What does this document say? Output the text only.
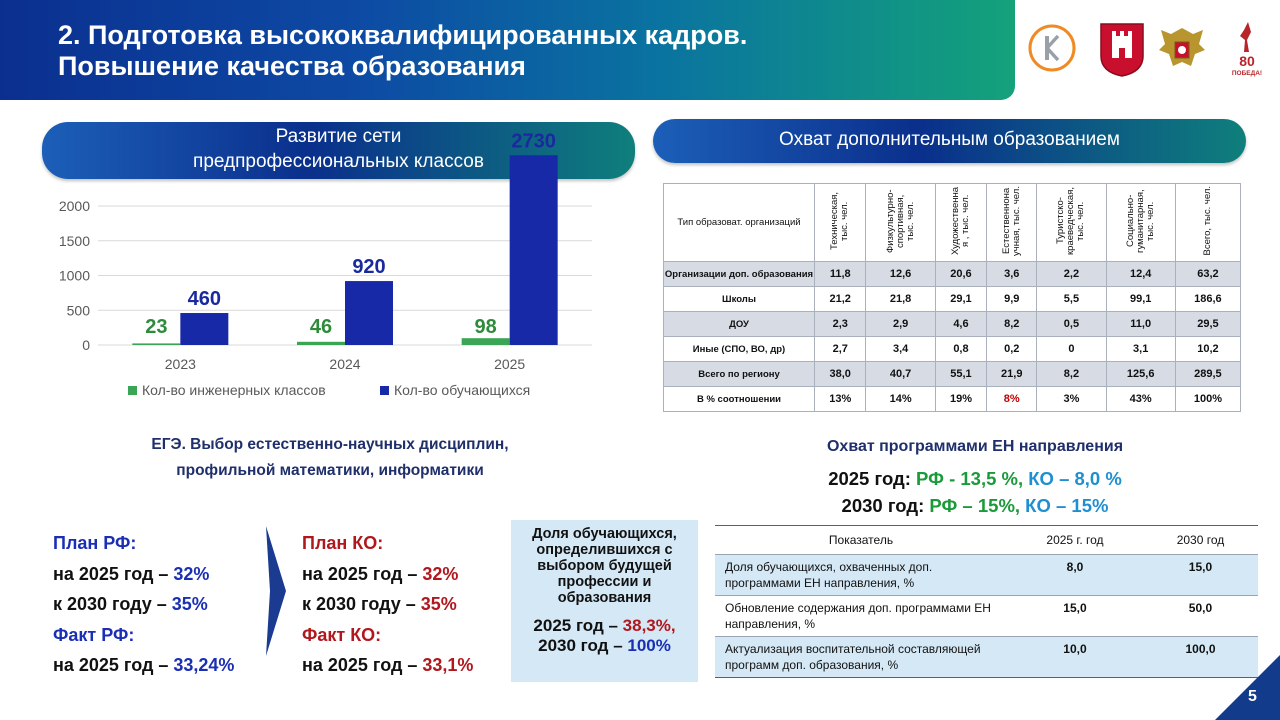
2. Подготовка высококвалифицированных кадров.
Повышение качества образования	80
ПОБЕДА!
Развитие сети
предпрофессиональных классов
Охват дополнительным образованием
0
500
1000
1500
2000
2023
23
460
2024
46
920
2025
98
2730
Кол-во инженерных классов	Кол-во обучающихся
Тип образоват. организаций	Техническая, тыс. чел.	Физкультурно-спортивная, тыс. чел.	Художественна я , тыс. чел.	Естественнона учная, тыс. чел.	Туристско-краеведческая, тыс. чел.	Социально-гуманитарная, тыс. чел.	Всего, тыс. чел.
Организации доп. образования	11,8	12,6	20,6	3,6	2,2	12,4	63,2
Школы	21,2	21,8	29,1	9,9	5,5	99,1	186,6
ДОУ	2,3	2,9	4,6	8,2	0,5	11,0	29,5
Иные (СПО, ВО, др)	2,7	3,4	0,8	0,2	0	3,1	10,2
Всего по региону	38,0	40,7	55,1	21,9	8,2	125,6	289,5
В % соотношении	13%	14%	19%	8%	3%	43%	100%
ЕГЭ. Выбор естественно-научных дисциплин,
профильной математики, информатики
План РФ:
на 2025 год – 32%
к 2030 году – 35%
Факт РФ:
на 2025 год – 33,24%
План КО:
на 2025 год – 32%
к 2030 году – 35%
Факт КО:
на 2025 год – 33,1%
Доля обучающихся, определившихся с выбором будущей профессии и образования
2025 год – 38,3%,
2030 год – 100%
Охват программами ЕН направления
2025 год: РФ - 13,5 %, КО – 8,0 %
2030 год: РФ – 15%, КО – 15%
Показатель	2025 г. год	2030 год
Доля обучающихся, охваченных доп. программами ЕН направления, %	8,0	15,0
Обновление содержания доп. программами ЕН направления, %	15,0	50,0
Актуализация воспитательной составляющей программ доп. образования, %	10,0	100,0
5
